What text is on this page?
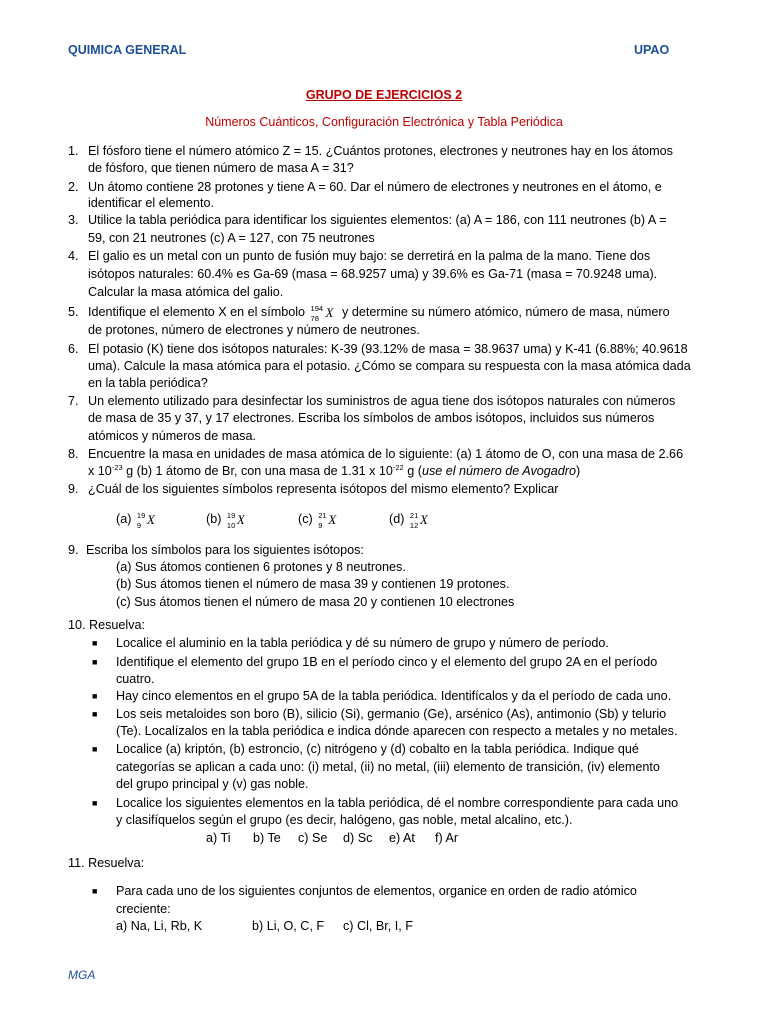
QUIMICA GENERAL	UPAO
GRUPO DE EJERCICIOS 2
Números Cuánticos, Configuración Electrónica y Tabla Periódica
1. El fósforo tiene el número atómico Z = 15. ¿Cuántos protones, electrones y neutrones hay en los átomos
de fósforo, que tienen número de masa A = 31?
2. Un átomo contiene 28 protones y tiene A = 60. Dar el número de electrones y neutrones en el átomo, e
identificar el elemento.
3. Utilice la tabla periódica para identificar los siguientes elementos: (a) A = 186, con 111 neutrones (b) A =
59, con 21 neutrones (c) A = 127, con 75 neutrones
4. El galio es un metal con un punto de fusión muy bajo: se derretirá en la palma de la mano. Tiene dos
isótopos naturales: 60.4% es Ga-69 (masa = 68.9257 uma) y 39.6% es Ga-71 (masa = 70.9248 uma).
Calcular la masa atómica del galio.
5. Identifique el elemento X en el símbolo 194
78 X y determine su número atómico, número de masa, número
de protones, número de electrones y número de neutrones.
6. El potasio (K) tiene dos isótopos naturales: K-39 (93.12% de masa = 38.9637 uma) y K-41 (6.88%; 40.9618
uma). Calcule la masa atómica para el potasio. ¿Cómo se compara su respuesta con la masa atómica dada
en la tabla periódica?
7. Un elemento utilizado para desinfectar los suministros de agua tiene dos isótopos naturales con números
de masa de 35 y 37, y 17 electrones. Escriba los símbolos de ambos isótopos, incluidos sus números
atómicos y números de masa.
8. Encuentre la masa en unidades de masa atómica de lo siguiente: (a) 1 átomo de O, con una masa de 2.66
x $10^{-23}$ g (b) 1 átomo de Br, con una masa de 1.31 x $10^{-22}$ g (use el número de Avogadro)
9. ¿Cuál de los siguientes símbolos representa isótopos del mismo elemento? Explicar
(a) 19
9 X	(b) 19
10 X	(c) 21
9 X	(d) 21
12 X
9. Escriba los símbolos para los siguientes isótopos:
(a) Sus átomos contienen 6 protones y 8 neutrones.
(b) Sus átomos tienen el número de masa 39 y contienen 19 protones.
(c) Sus átomos tienen el número de masa 20 y contienen 10 electrones
10. Resuelva:
■ Localice el aluminio en la tabla periódica y dé su número de grupo y número de período.
■ Identifique el elemento del grupo 1B en el período cinco y el elemento del grupo 2A en el período
cuatro.
■ Hay cinco elementos en el grupo 5A de la tabla periódica. Identifícalos y da el período de cada uno.
■ Los seis metaloides son boro (B), silicio (Si), germanio (Ge), arsénico (As), antimonio (Sb) y telurio
(Te). Localízalos en la tabla periódica e indica dónde aparecen con respecto a metales y no metales.
■ Localice (a) kriptón, (b) estroncio, (c) nitrógeno y (d) cobalto en la tabla periódica. Indique qué
categorías se aplican a cada uno: (i) metal, (ii) no metal, (iii) elemento de transición, (iv) elemento
del grupo principal y (v) gas noble.
■ Localice los siguientes elementos en la tabla periódica, dé el nombre correspondiente para cada uno
y clasifíquelos según el grupo (es decir, halógeno, gas noble, metal alcalino, etc.).
a) Ti b) Te c) Se d) Sc e) At f) Ar
11. Resuelva:
■ Para cada uno de los siguientes conjuntos de elementos, organice en orden de radio atómico
creciente:
a) Na, Li, Rb, K	b) Li, O, C, F c) Cl, Br, I, F
MGA
